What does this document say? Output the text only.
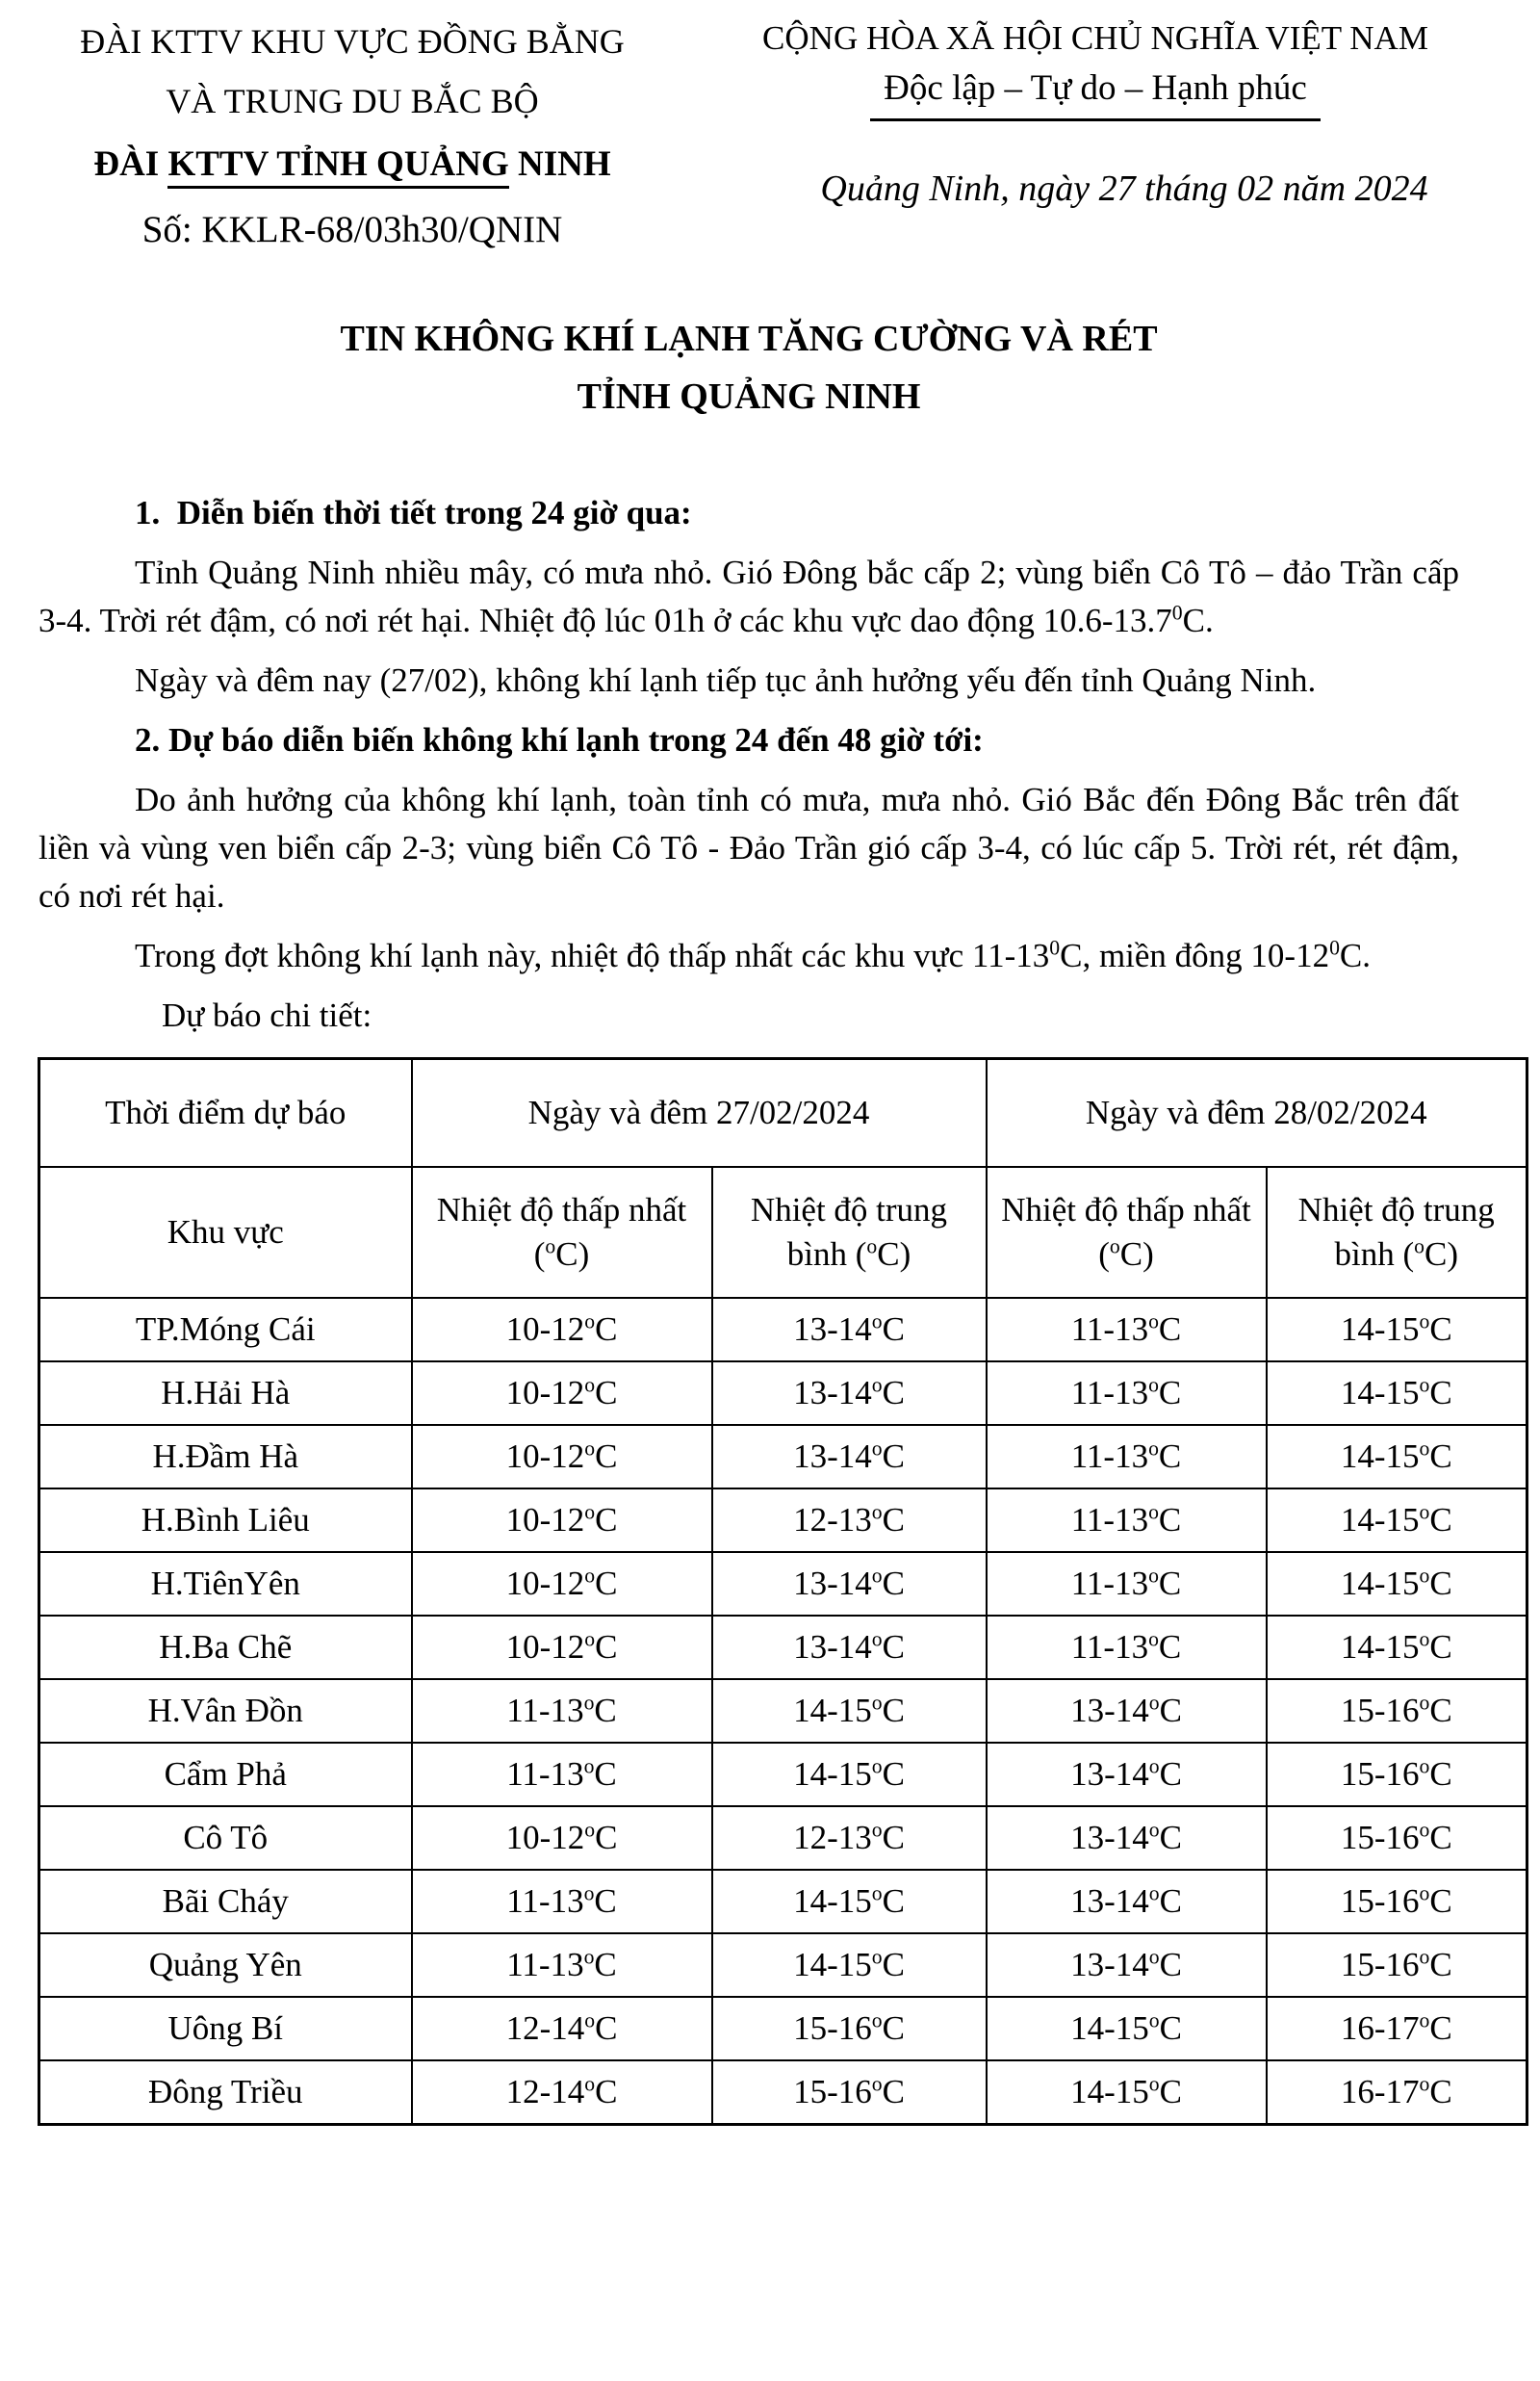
ĐÀI KTTV KHU VỰC ĐỒNG BẰNG
VÀ TRUNG DU BẮC BỘ
ĐÀI KTTV TỈNH QUẢNG NINH
Số: KKLR-68/03h30/QNIN
CỘNG HÒA XÃ HỘI CHỦ NGHĨA VIỆT NAM
Độc lập – Tự do – Hạnh phúc
Quảng Ninh, ngày 27 tháng 02 năm 2024
TIN KHÔNG KHÍ LẠNH TĂNG CƯỜNG VÀ RÉT
TỈNH QUẢNG NINH

1.  Diễn biến thời tiết trong 24 giờ qua:

Tỉnh Quảng Ninh nhiều mây, có mưa nhỏ. Gió Đông bắc cấp 2; vùng biển Cô Tô – đảo Trần cấp 3-4. Trời rét đậm, có nơi rét hại. Nhiệt độ lúc 01h ở các khu vực dao động 10.6-13.7$^0$C.

Ngày và đêm nay (27/02), không khí lạnh tiếp tục ảnh hưởng yếu đến tỉnh Quảng Ninh.

2. Dự báo diễn biến không khí lạnh trong 24 đến 48 giờ tới:

Do ảnh hưởng của không khí lạnh, toàn tỉnh có mưa, mưa nhỏ. Gió Bắc đến Đông Bắc trên đất liền và vùng ven biển cấp 2-3; vùng biển Cô Tô - Đảo Trần gió cấp 3-4, có lúc cấp 5. Trời rét, rét đậm, có nơi rét hại.

Trong đợt không khí lạnh này, nhiệt độ thấp nhất các khu vực $11-13^0C$, miền đông $10-12^0C$.

Dự báo chi tiết:

Thời điểm dự báo	Ngày và đêm 27/02/2024		Ngày và đêm 28/02/2024	
Khu vực	Nhiệt độ thấp nhất ($^o$C)	Nhiệt độ trung bình ($^o$C)	Nhiệt độ thấp nhất ($^o$C)	Nhiệt độ trung bình ($^o$C)
TP.Móng Cái	10-12$^o$C	13-14$^o$C	11-13$^o$C	14-15$^o$C
H.Hải Hà	10-12$^o$C	13-14$^o$C	11-13$^o$C	14-15$^o$C
H.Đầm Hà	10-12$^o$C	13-14$^o$C	11-13$^o$C	14-15$^o$C
H.Bình Liêu	10-12$^o$C	12-13$^o$C	11-13$^o$C	14-15$^o$C
H.TiênYên	10-12$^o$C	13-14$^o$C	11-13$^o$C	14-15$^o$C
H.Ba Chẽ	10-12$^o$C	13-14$^o$C	11-13$^o$C	14-15$^o$C
H.Vân Đồn	11-13$^o$C	14-15$^o$C	13-14$^o$C	15-16$^o$C
Cẩm Phả	11-13$^o$C	14-15$^o$C	13-14$^o$C	15-16$^o$C
Cô Tô	10-12$^o$C	12-13$^o$C	13-14$^o$C	15-16$^o$C
Bãi Cháy	11-13$^o$C	14-15$^o$C	13-14$^o$C	15-16$^o$C
Quảng Yên	11-13$^o$C	14-15$^o$C	13-14$^o$C	15-16$^o$C
Uông Bí	12-14$^o$C	15-16$^o$C	14-15$^o$C	16-17$^o$C
Đông Triều	12-14$^o$C	15-16$^o$C	14-15$^o$C	16-17$^o$C
